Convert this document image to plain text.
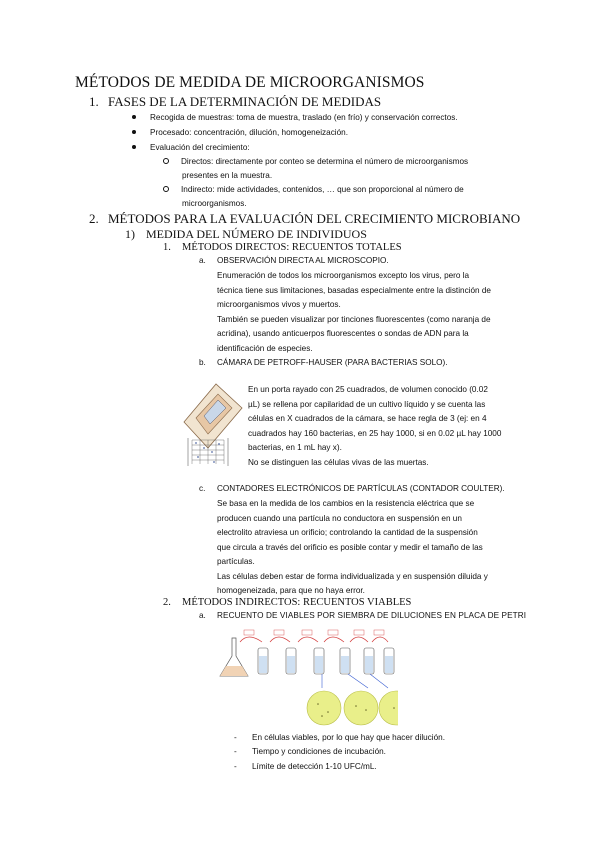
MÉTODOS DE MEDIDA DE MICROORGANISMOS
1. FASES DE LA DETERMINACIÓN DE MEDIDAS
Recogida de muestras: toma de muestra, traslado (en frío) y conservación correctos.
Procesado: concentración, dilución, homogeneización.
Evaluación del crecimiento:
Directos: directamente por conteo se determina el número de microorganismos
presentes en la muestra.
Indirecto: mide actividades, contenidos, … que son proporcional al número de
microorganismos.
2. MÉTODOS PARA LA EVALUACIÓN DEL CRECIMIENTO MICROBIANO
1) MEDIDA DEL NÚMERO DE INDIVIDUOS
1. MÉTODOS DIRECTOS: RECUENTOS TOTALES
a. OBSERVACIÓN DIRECTA AL MICROSCOPIO.
Enumeración de todos los microorganismos excepto los virus, pero la
técnica tiene sus limitaciones, basadas especialmente entre la distinción de
microorganismos vivos y muertos.
También se pueden visualizar por tinciones fluorescentes (como naranja de
acridina), usando anticuerpos fluorescentes o sondas de ADN para la
identificación de especies.
b. CÁMARA DE PETROFF-HAUSER (PARA BACTERIAS SOLO).
En un porta rayado con 25 cuadrados, de volumen conocido (0.02
µL) se rellena por capilaridad de un cultivo líquido y se cuenta las
células en X cuadrados de la cámara, se hace regla de 3 (ej: en 4
cuadrados hay 160 bacterias, en 25 hay 1000, si en 0.02 µL hay 1000
bacterias, en 1 mL hay x).
No se distinguen las células vivas de las muertas.
c. CONTADORES ELECTRÓNICOS DE PARTÍCULAS (CONTADOR COULTER).
Se basa en la medida de los cambios en la resistencia eléctrica que se
producen cuando una partícula no conductora en suspensión en un
electrolito atraviesa un orificio; controlando la cantidad de la suspensión
que circula a través del orificio es posible contar y medir el tamaño de las
partículas.
Las células deben estar de forma individualizada y en suspensión diluida y
homogeneizada, para que no haya error.
2. MÉTODOS INDIRECTOS: RECUENTOS VIABLES
a. RECUENTO DE VIABLES POR SIEMBRA DE DILUCIONES EN PLACA DE PETRI
- En células viables, por lo que hay que hacer dilución.
- Tiempo y condiciones de incubación.
- Límite de detección 1-10 UFC/mL.
